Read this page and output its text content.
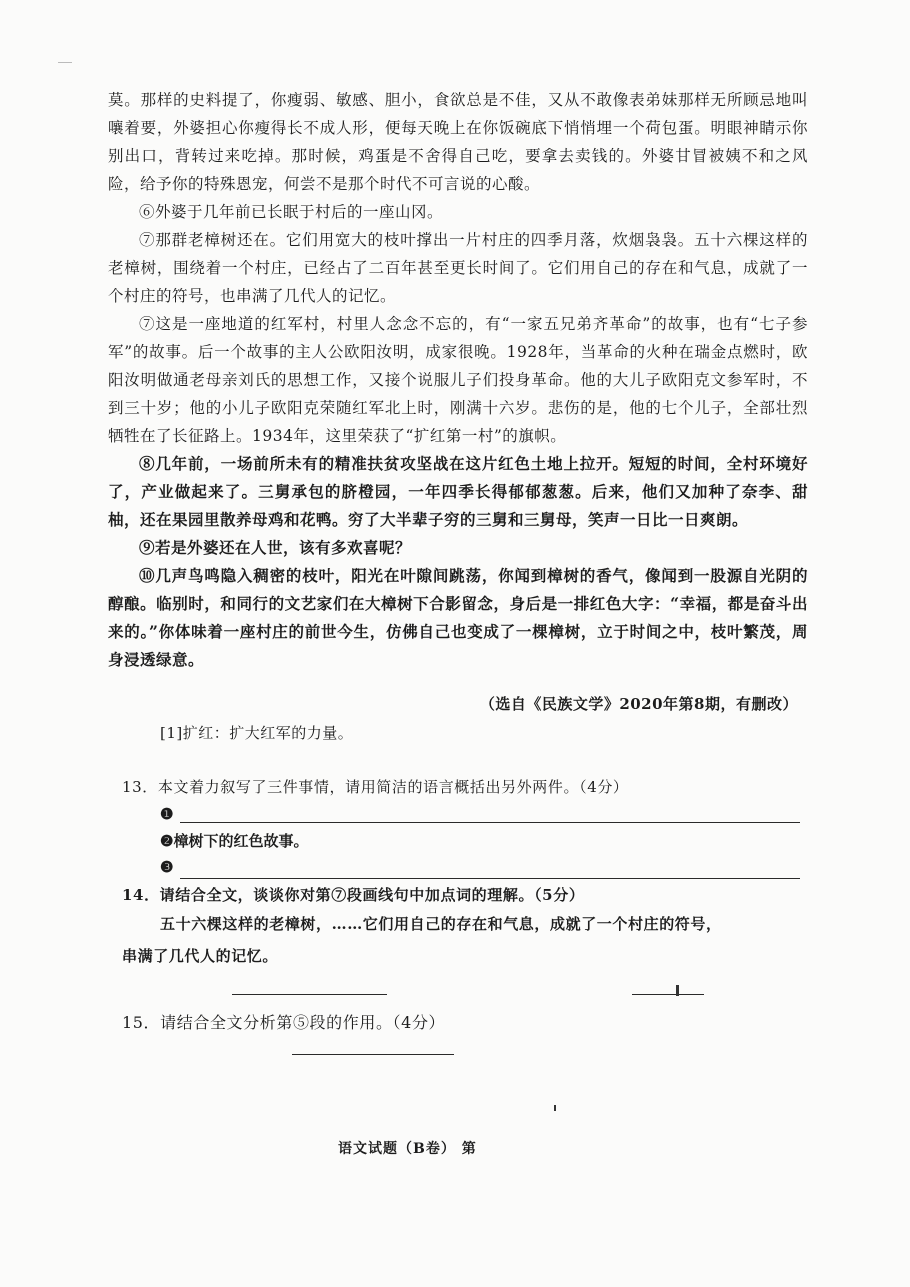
莫。那样的史料提了，你瘦弱、敏感、胆小，食欲总是不佳，又从不敢像表弟妹那样无所顾忌地叫嚷着要，外婆担心你瘦得长不成人形，便每天晚上在你饭碗底下悄悄埋一个荷包蛋。明眼神睛示你别出口，背转过来吃掉。那时候，鸡蛋是不舍得自己吃，要拿去卖钱的。外婆甘冒被姨不和之风险，给予你的特殊恩宠，何尝不是那个时代不可言说的心酸。

⑥外婆于几年前已长眠于村后的一座山冈。

⑦那群老樟树还在。它们用宽大的枝叶撑出一片村庄的四季月落，炊烟袅袅。五十六棵这样的老樟树，围绕着一个村庄，已经占了二百年甚至更长时间了。它们用自己的存在和气息，成就了一个村庄的符号，也串满了几代人的记忆。

⑦这是一座地道的红军村，村里人念念不忘的，有“一家五兄弟齐革命”的故事，也有“七子参军”的故事。后一个故事的主人公欧阳汝明，成家很晚。1928年，当革命的火种在瑞金点燃时，欧阳汝明做通老母亲刘氏的思想工作，又接个说服儿子们投身革命。他的大儿子欧阳克文参军时，不到三十岁；他的小儿子欧阳克荣随红军北上时，刚满十六岁。悲伤的是，他的七个儿子，全部壮烈牺牲在了长征路上。1934年，这里荣获了“扩红第一村”的旗帜。

⑧几年前，一场前所未有的精准扶贫攻坚战在这片红色土地上拉开。短短的时间，全村环境好了，产业做起来了。三舅承包的脐橙园，一年四季长得郁郁葱葱。后来，他们又加种了奈李、甜柚，还在果园里散养母鸡和花鸭。穷了大半辈子穷的三舅和三舅母，笑声一日比一日爽朗。

⑨若是外婆还在人世，该有多欢喜呢？

⑩几声鸟鸣隐入稠密的枝叶，阳光在叶隙间跳荡，你闻到樟树的香气，像闻到一股源自光阴的醇酿。临别时，和同行的文艺家们在大樟树下合影留念，身后是一排红色大字：“幸福，都是奋斗出来的。”你体味着一座村庄的前世今生，仿佛自己也变成了一棵樟树，立于时间之中，枝叶繁茂，周身浸透绿意。

（选自《民族文学》2020年第8期，有删改）
[1]扩红：扩大红军的力量。
13．本文着力叙写了三件事情，请用简洁的语言概括出另外两件。（4分）
❶
❷ 樟树下的红色故事。
❸
14．请结合全文，谈谈你对第⑦段画线句中加点词的理解。（5分）
五十六棵这样的老樟树，……它们用自己的存在和气息，成就了一个村庄的符号，
串满了几代人的记忆。
15．请结合全文分析第⑤段的作用。（4分）
语文试题（B卷） 第
